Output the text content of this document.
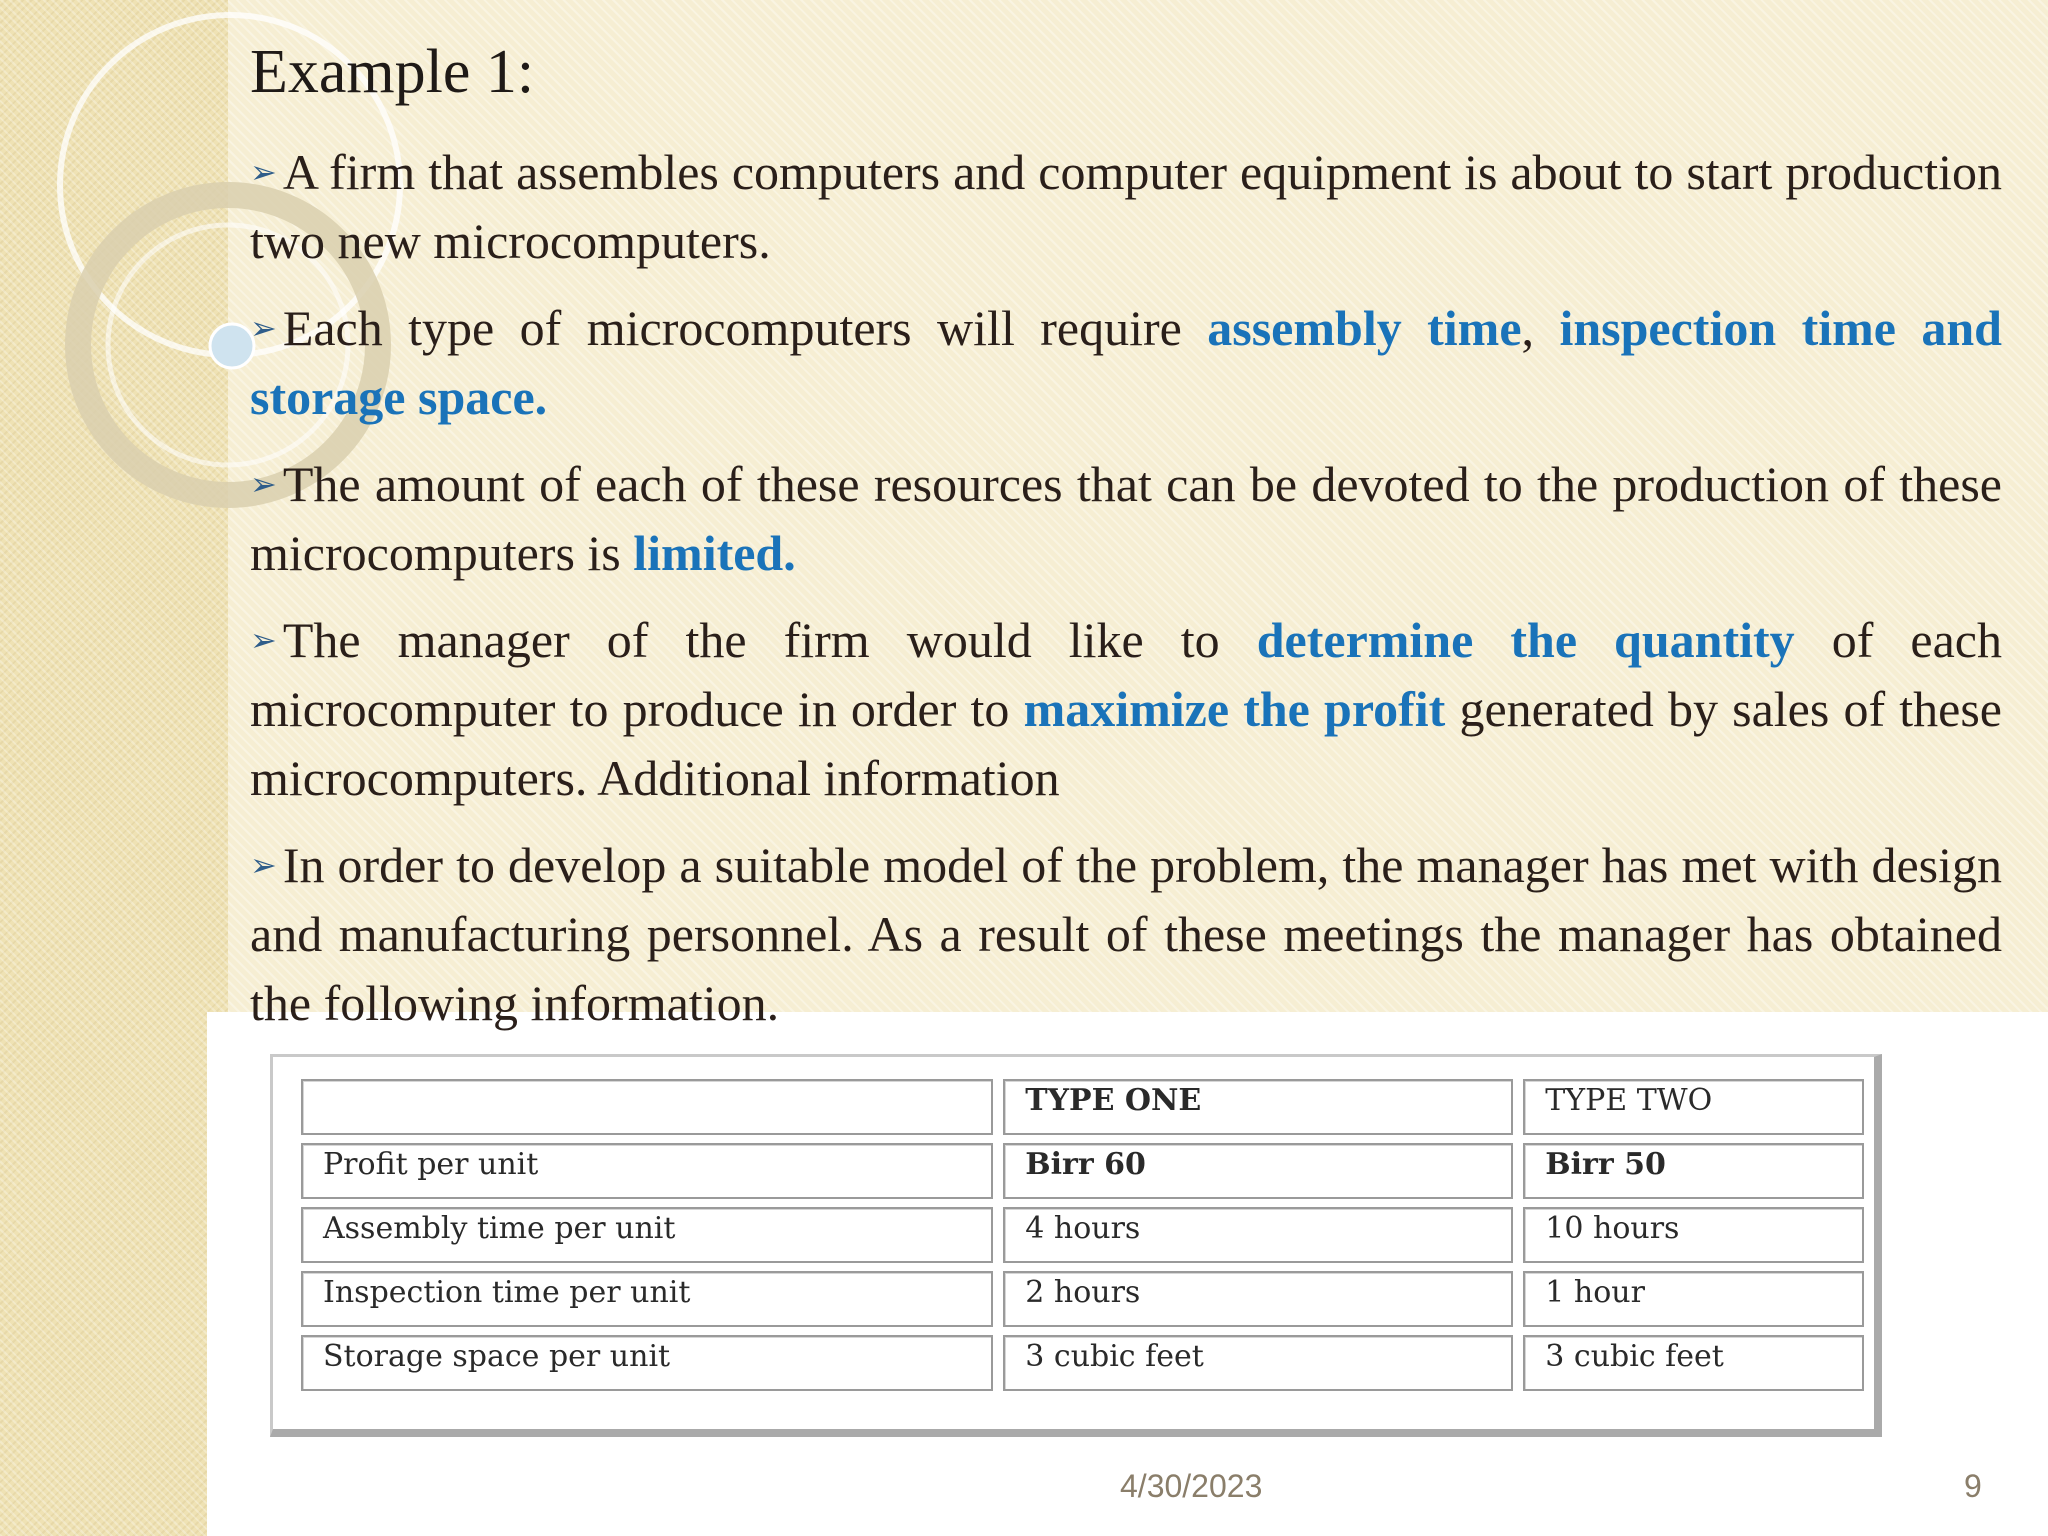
Example 1:

➢ A firm that assembles computers and computer equipment is about to start production two new microcomputers.

➢ Each type of microcomputers will require assembly time, inspection time and storage space.

➢ The amount of each of these resources that can be devoted to the production of these microcomputers is limited.

➢ The manager of the firm would like to determine the quantity of each microcomputer to produce in order to maximize the profit generated by sales of these microcomputers. Additional information

➢ In order to develop a suitable model of the problem, the manager has met with design and manufacturing personnel. As a result of these meetings the manager has obtained the following information.

	TYPE ONE	TYPE TWO
Profit per unit	Birr 60	Birr 50
Assembly time per unit	4 hours	10 hours
Inspection time per unit	2 hours	1 hour
Storage space per unit	3 cubic feet	3 cubic feet
4/30/2023	9
